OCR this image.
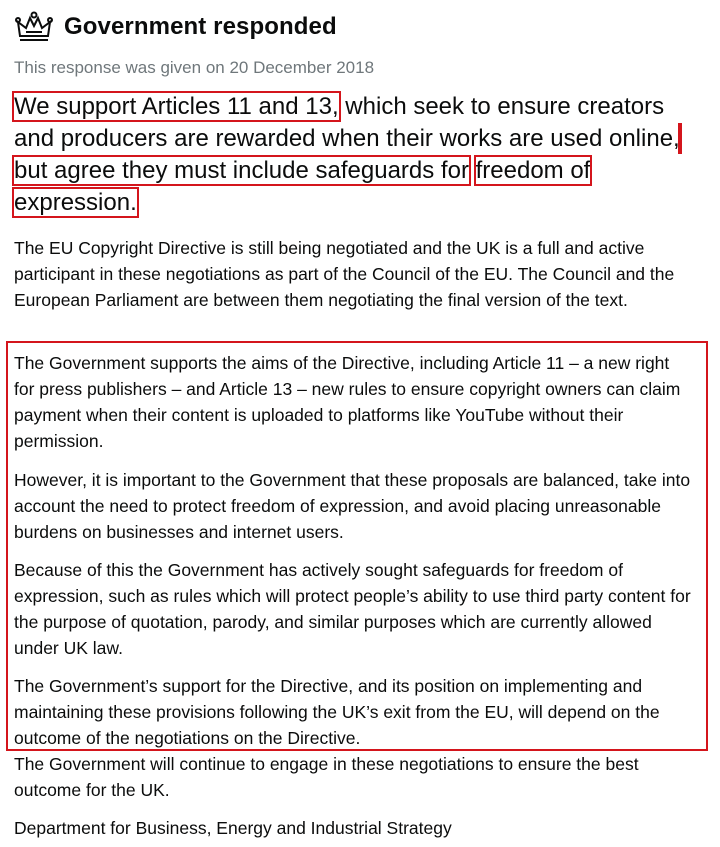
Government responded
This response was given on 20 December 2018
We support Articles 11 and 13, which seek to ensure creators and producers are rewarded when their works are used online, but agree they must include safeguards for freedom of expression.
The EU Copyright Directive is still being negotiated and the UK is a full and active participant in these negotiations as part of the Council of the EU. The Council and the European Parliament are between them negotiating the final version of the text.
The Government supports the aims of the Directive, including Article 11 – a new right for press publishers – and Article 13 – new rules to ensure copyright owners can claim payment when their content is uploaded to platforms like YouTube without their permission.
However, it is important to the Government that these proposals are balanced, take into account the need to protect freedom of expression, and avoid placing unreasonable burdens on businesses and internet users.
Because of this the Government has actively sought safeguards for freedom of expression, such as rules which will protect people’s ability to use third party content for the purpose of quotation, parody, and similar purposes which are currently allowed under UK law.
The Government’s support for the Directive, and its position on implementing and maintaining these provisions following the UK’s exit from the EU, will depend on the outcome of the negotiations on the Directive.
The Government will continue to engage in these negotiations to ensure the best outcome for the UK.
Department for Business, Energy and Industrial Strategy
